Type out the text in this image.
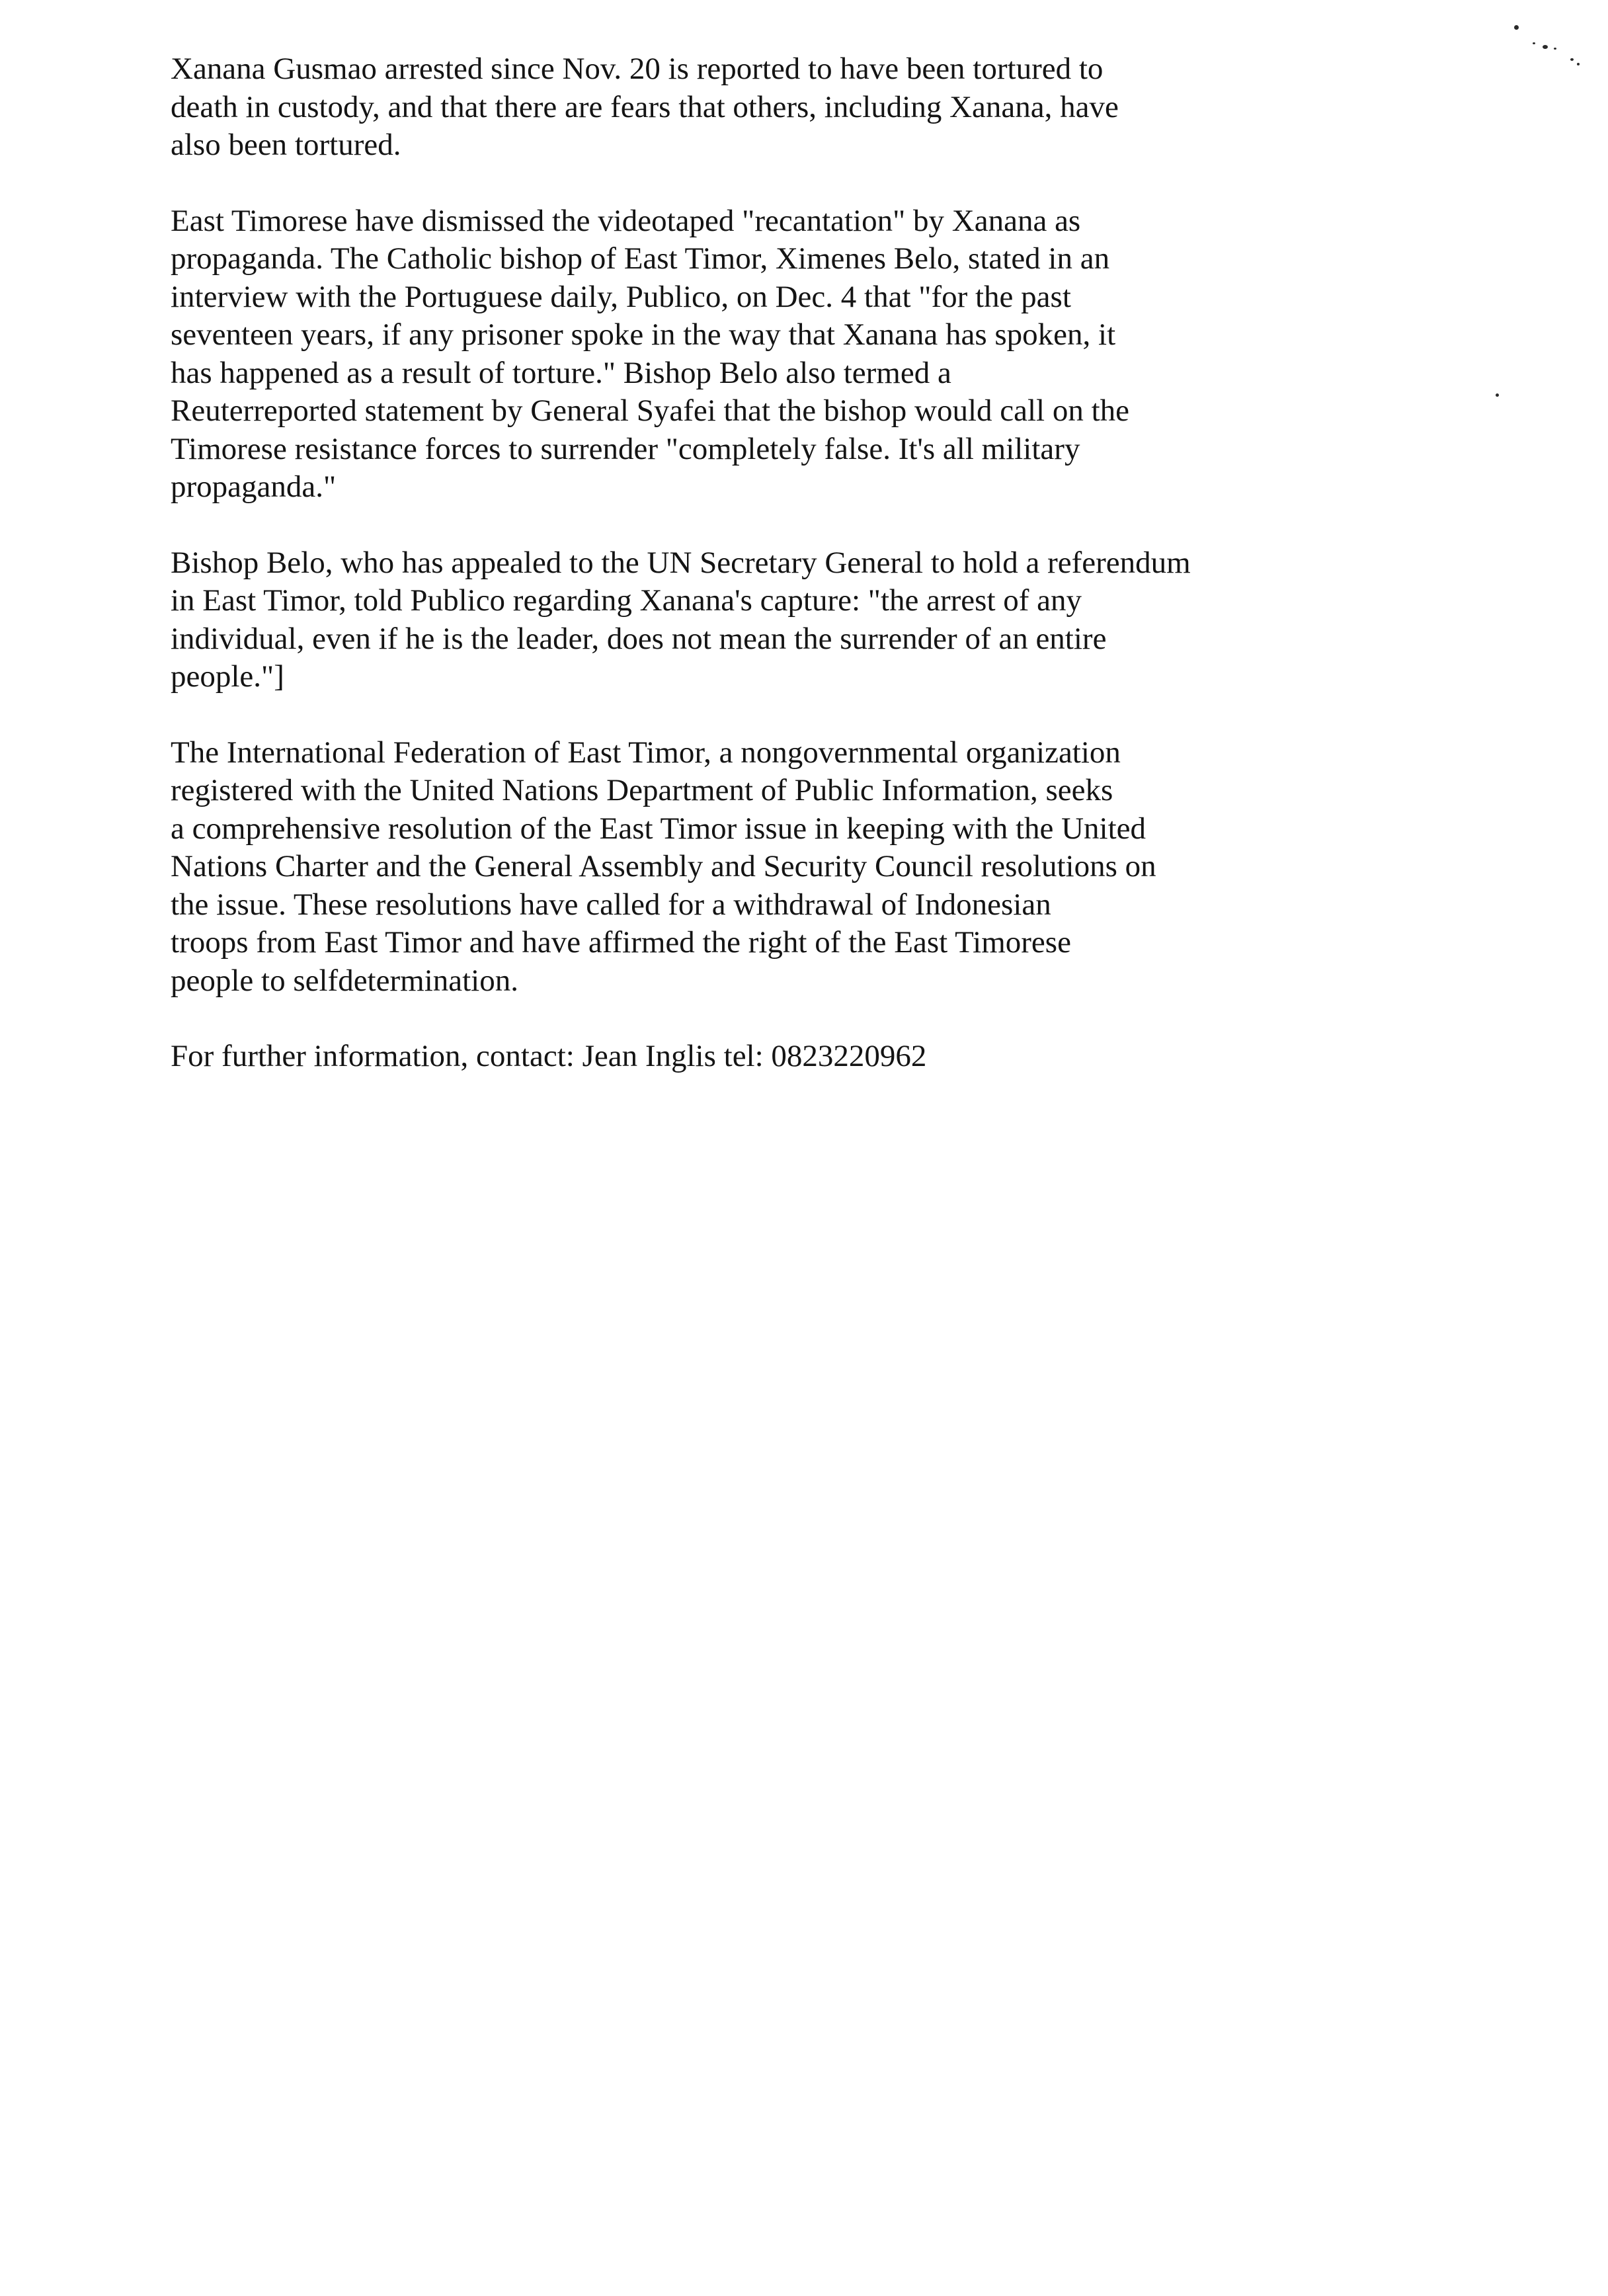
Xanana Gusmao arrested since Nov. 20 is reported to have been tortured to
death in custody, and that there are fears that others, including Xanana, have
also been tortured.

East Timorese have dismissed the videotaped "recantation" by Xanana as
propaganda. The Catholic bishop of East Timor, Ximenes Belo, stated in an
interview with the Portuguese daily, Publico, on Dec. 4 that "for the past
seventeen years, if any prisoner spoke in the way that Xanana has spoken, it
has happened as a result of torture." Bishop Belo also termed a
Reuterreported statement by General Syafei that the bishop would call on the
Timorese resistance forces to surrender "completely false. It's all military
propaganda."

Bishop Belo, who has appealed to the UN Secretary General to hold a referendum
in East Timor, told Publico regarding Xanana's capture: "the arrest of any
individual, even if he is the leader, does not mean the surrender of an entire
people."]

The International Federation of East Timor, a nongovernmental organization
registered with the United Nations Department of Public Information, seeks
a comprehensive resolution of the East Timor issue in keeping with the United
Nations Charter and the General Assembly and Security Council resolutions on
the issue. These resolutions have called for a withdrawal of Indonesian
troops from East Timor and have affirmed the right of the East Timorese
people to selfdetermination.

For further information, contact: Jean Inglis tel: 0823220962
